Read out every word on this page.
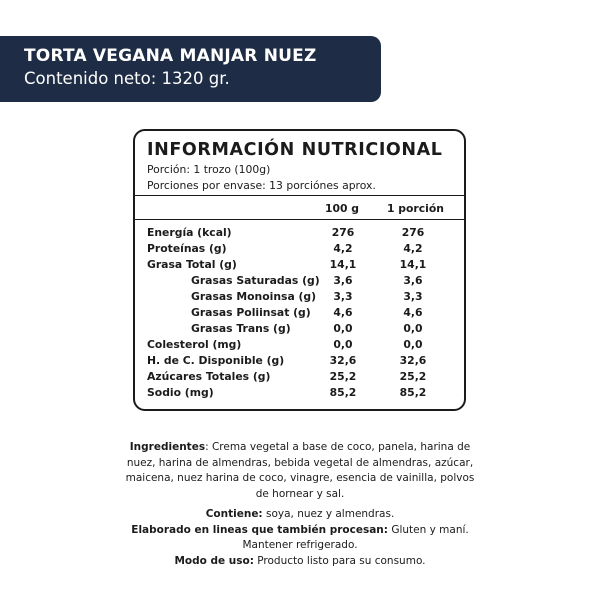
TORTA VEGANA MANJAR NUEZ
Contenido neto: 1320 gr.
INFORMACIÓN NUTRICIONAL
Porción: 1 trozo (100g)
Porciones por envase: 13 porciónes aprox.
100 g	1 porción
Energía (kcal)	276	276
Proteínas (g)	4,2	4,2
Grasa Total (g)	14,1	14,1
Grasas Saturadas (g)	3,6	3,6
Grasas Monoinsa (g)	3,3	3,3
Grasas Poliinsat (g)	4,6	4,6
Grasas Trans (g)	0,0	0,0
Colesterol (mg)	0,0	0,0
H. de C. Disponible (g)	32,6	32,6
Azúcares Totales (g)	25,2	25,2
Sodio (mg)	85,2	85,2
Ingredientes: Crema vegetal a base de coco, panela, harina de nuez, harina de almendras, bebida vegetal de almendras, azúcar, maicena, nuez harina de coco, vinagre, esencia de vainilla, polvos de hornear y sal.
Contiene: soya, nuez y almendras.
Elaborado en lineas que también procesan: Gluten y maní.
Mantener refrigerado.
Modo de uso: Producto listo para su consumo.
